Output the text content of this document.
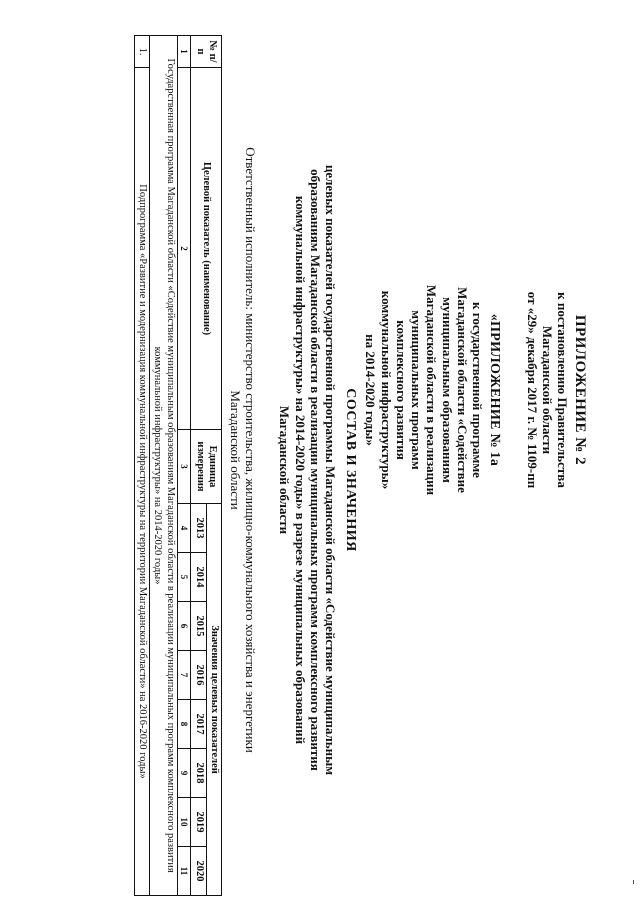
ПРИЛОЖЕНИЕ № 2
к постановлению Правительства
Магаданской области
от «29» декабря 2017 г. № 1109-пп
«ПРИЛОЖЕНИЕ № 1а
к государственной программе
Магаданской области «Содействие
муниципальным образованиям
Магаданской области в реализации
муниципальных программ
комплексного развития
коммунальной инфраструктуры»
на 2014-2020 годы»
СОСТАВ И ЗНАЧЕНИЯ
целевых показателей государственной программы Магаданской области «Содействие муниципальным
образованиям Магаданской области в реализации муниципальных программ комплексного развития
коммунальной инфраструктуры» на 2014-2020 годы» в разрезе муниципальных образований
Магаданской области
Ответственный исполнитель: министерство строительства, жилищно-коммунального хозяйства и энергетики
Магаданской области
№ п/п	Целевой показатель (наименование)	Единица измерения	Значения целевых показателей							
			2013	2014	2015	2016	2017	2018	2019	2020
1	2	3	4	5	6	7	8	9	10	11
Государственная программа Магаданской области «Содействие муниципальным образованиям Магаданской области в реализации муниципальных программ комплексного развития коммунальной инфраструктуры» на 2014-2020 годы»										
1.	Подпрограмма «Развитие и модернизация коммунальной инфраструктуры на территории Магаданской области» на 2016-2020 годы»									
